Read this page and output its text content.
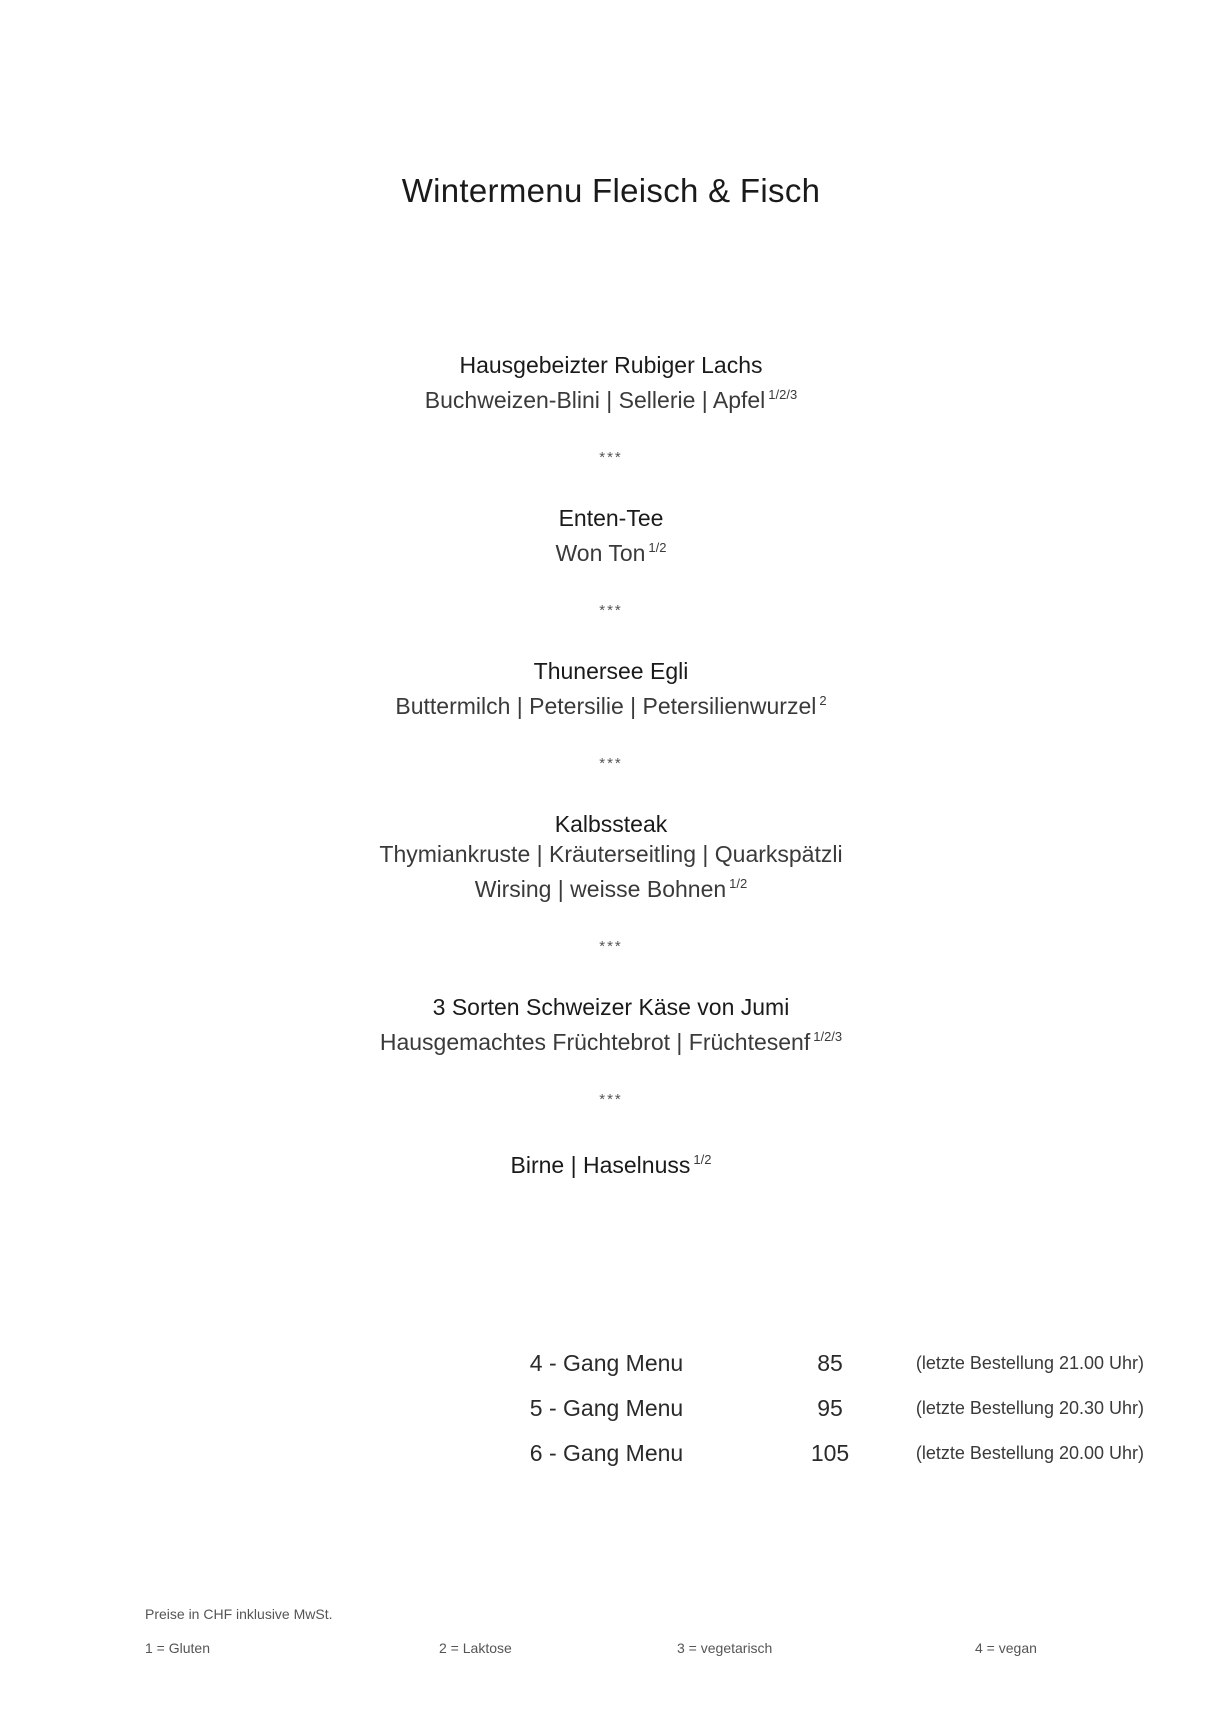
Wintermenu Fleisch & Fisch
Hausgebeizter Rubiger Lachs
Buchweizen-Blini | Sellerie | Apfel $^{1/2/3}$
***
Enten-Tee
Won Ton $^{1/2}$
***
Thunersee Egli
Buttermilch | Petersilie | Petersilienwurzel $^2$
***
Kalbssteak
Thymiankruste | Kräuterseitling | Quarkspätzli
Wirsing | weisse Bohnen $^{1/2}$
***
3 Sorten Schweizer Käse von Jumi
Hausgemachtes Früchtebrot | Früchtesenf $^{1/2/3}$
***
Birne | Haselnuss $^{1/2}$
4 - Gang Menu	85	(letzte Bestellung 21.00 Uhr)
5 - Gang Menu	95	(letzte Bestellung 20.30 Uhr)
6 - Gang Menu	105	(letzte Bestellung 20.00 Uhr)
Preise in CHF inklusive MwSt.
1 = Gluten	2 = Laktose	3 = vegetarisch	4 = vegan
